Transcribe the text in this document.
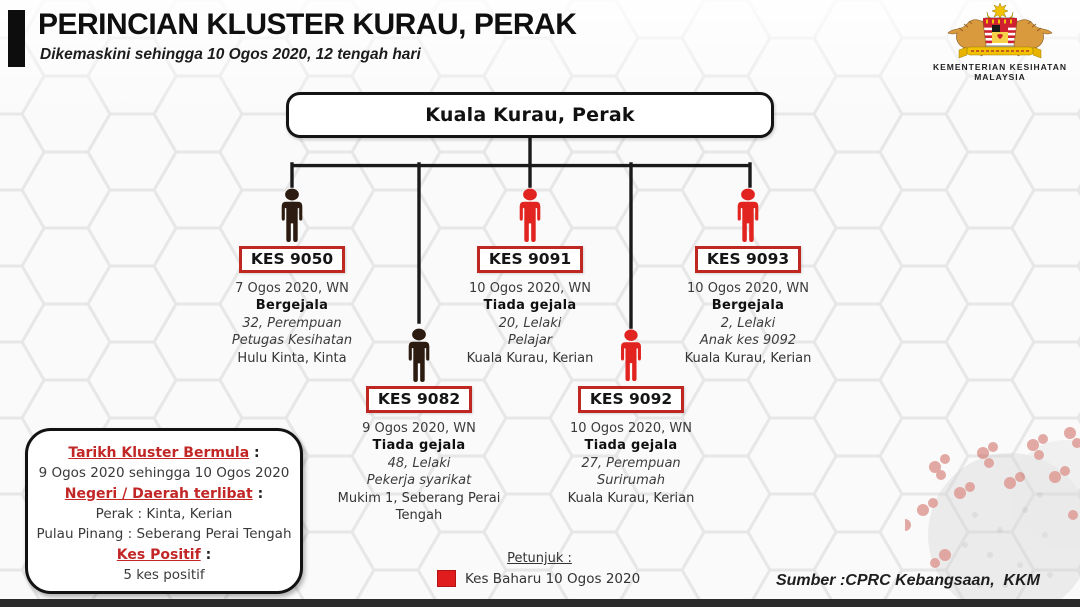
PERINCIAN KLUSTER KURAU, PERAK
Dikemaskini sehingga 10 Ogos 2020, 12 tengah hari
KEMENTERIAN KESIHATAN
MALAYSIA
Kuala Kurau, Perak
KES 9050
7 Ogos 2020, WN
Bergejala
32, Perempuan
Petugas Kesihatan
Hulu Kinta, Kinta
KES 9091
10 Ogos 2020, WN
Tiada gejala
20, Lelaki
Pelajar
Kuala Kurau, Kerian
KES 9093
10 Ogos 2020, WN
Bergejala
2, Lelaki
Anak kes 9092
Kuala Kurau, Kerian
KES 9082
9 Ogos 2020, WN
Tiada gejala
48, Lelaki
Pekerja syarikat
Mukim 1, Seberang Perai Tengah
KES 9092
10 Ogos 2020, WN
Tiada gejala
27, Perempuan
Surirumah
Kuala Kurau, Kerian
Tarikh Kluster Bermula :
9 Ogos 2020 sehingga 10 Ogos 2020
Negeri / Daerah terlibat :
Perak : Kinta, Kerian
Pulau Pinang : Seberang Perai Tengah
Kes Positif :
5 kes positif
Petunjuk :
Kes Baharu 10 Ogos 2020	Sumber :CPRC Kebangsaan,  KKM
